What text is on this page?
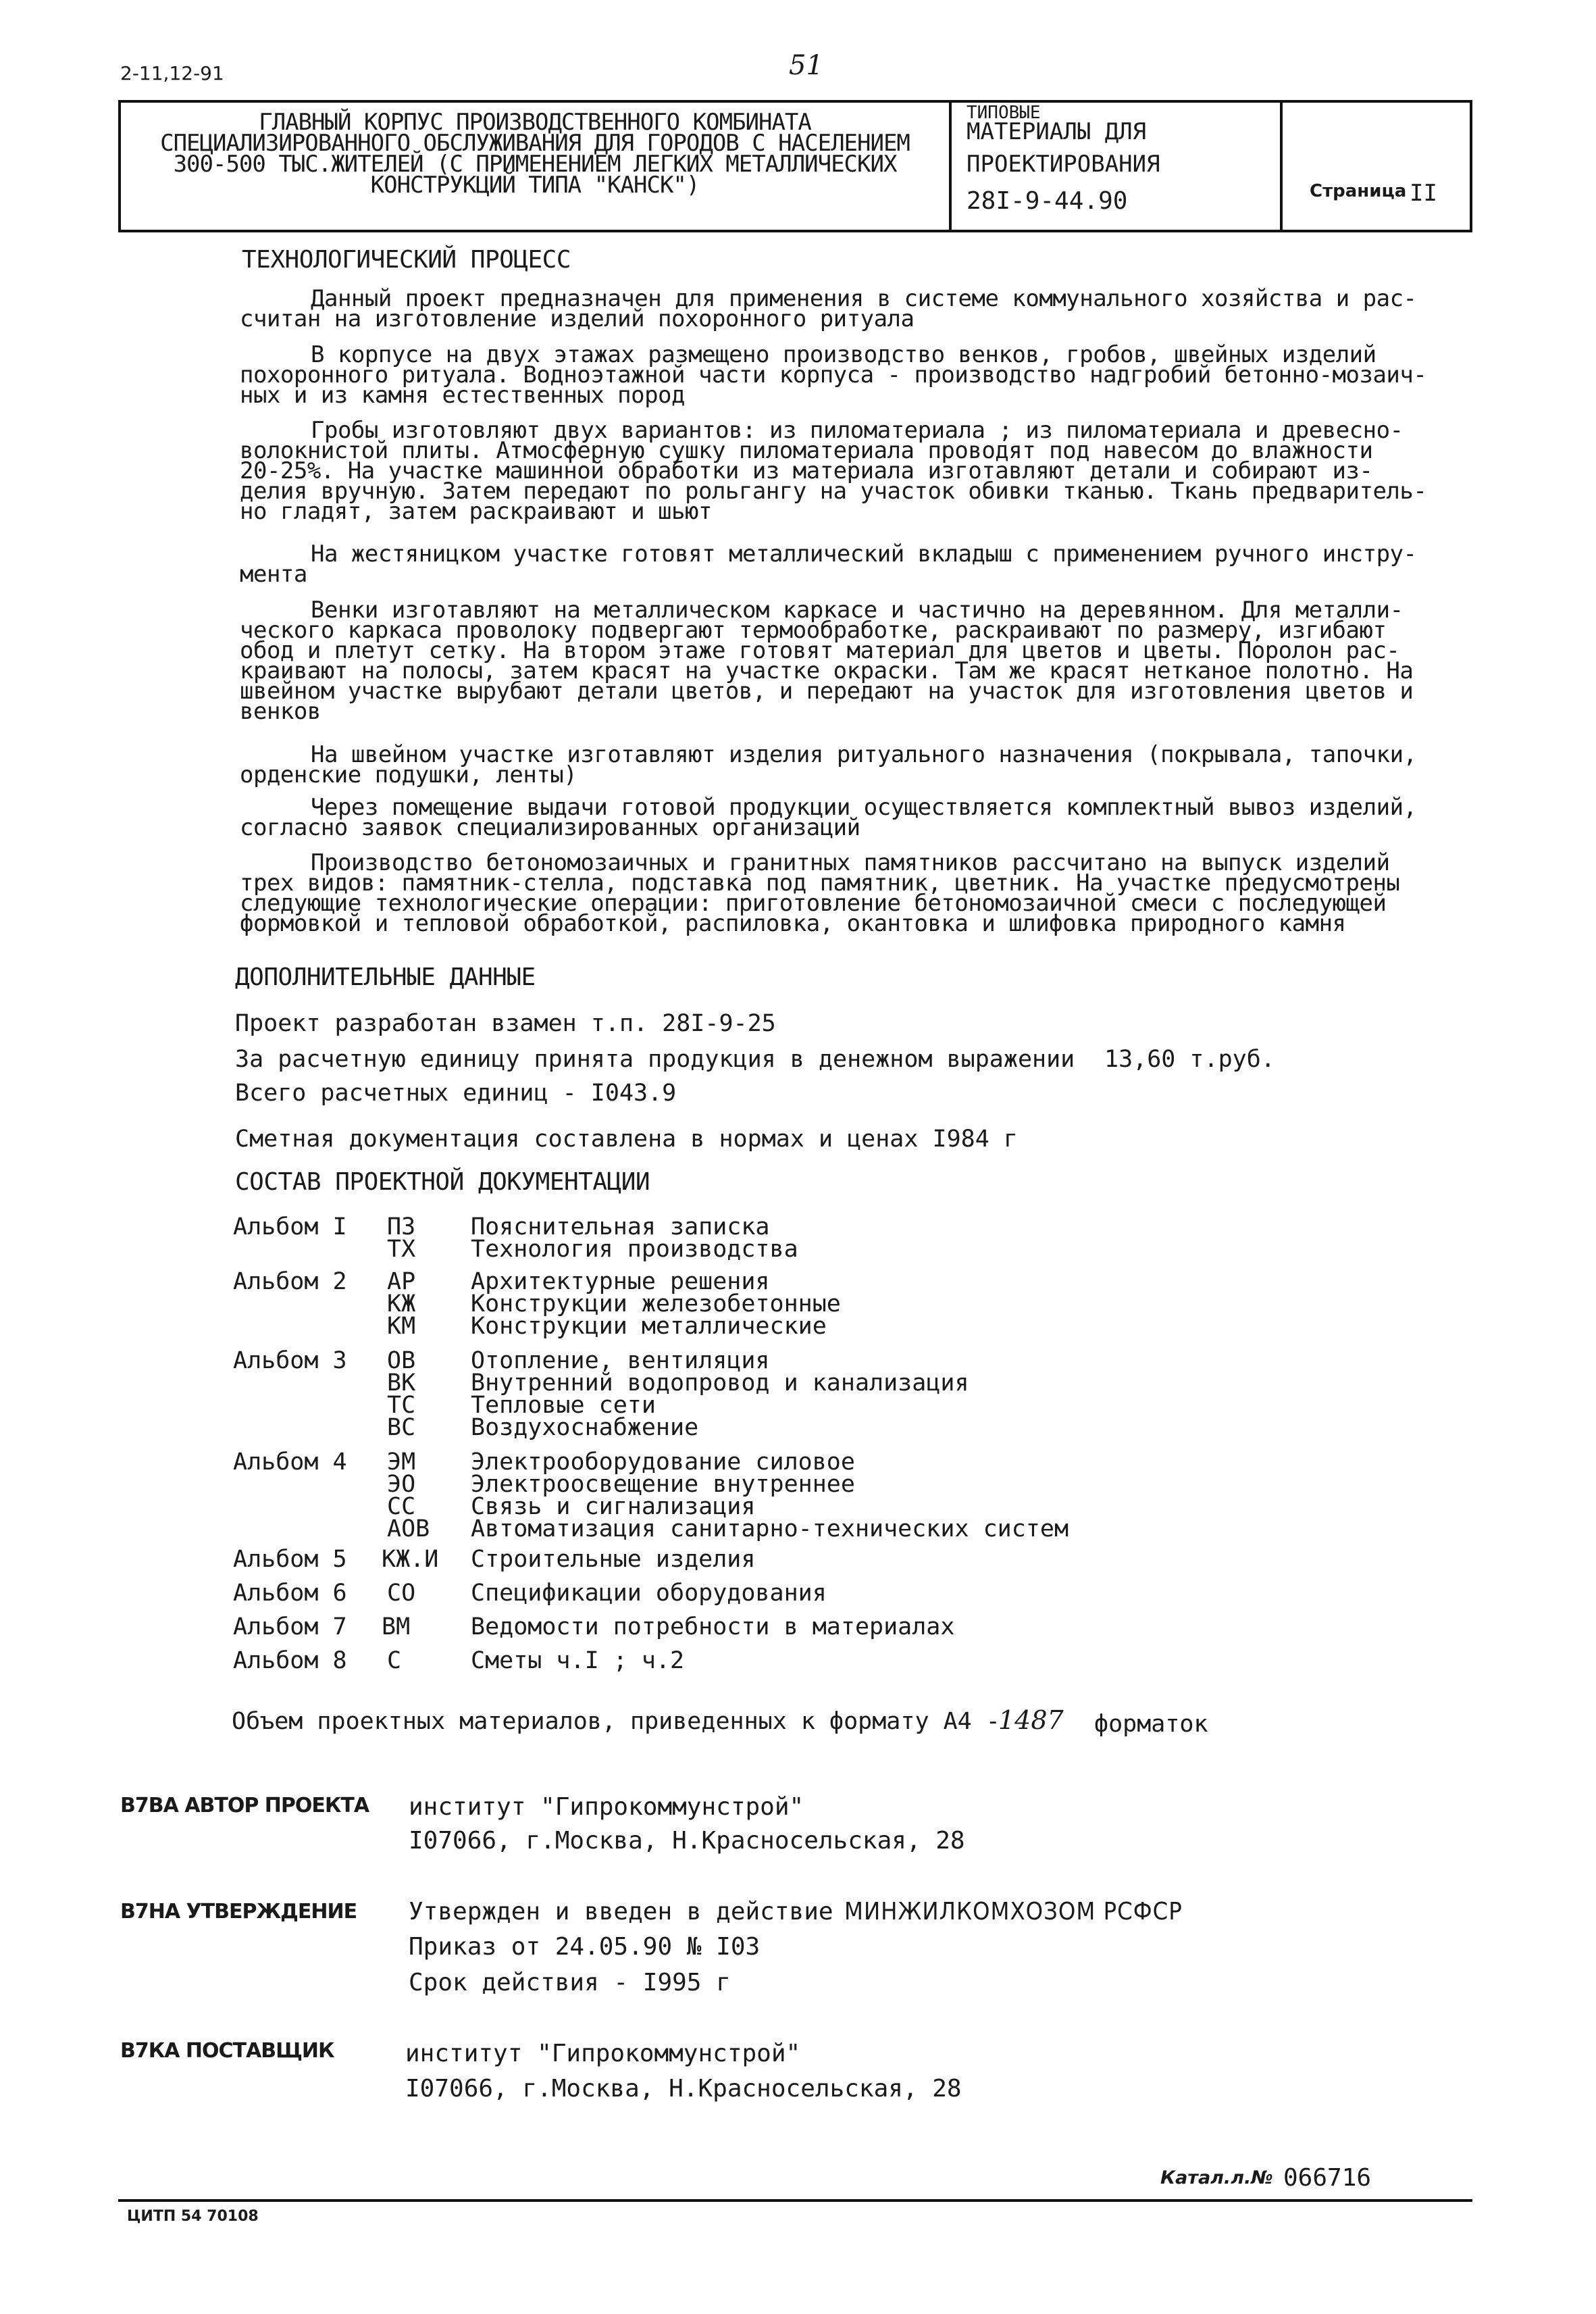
2-11,12-91	51
ГЛАВНЫЙ КОРПУС ПРОИЗВОДСТВЕННОГО КОМБИНАТА
СПЕЦИАЛИЗИРОВАННОГО ОБСЛУЖИВАНИЯ ДЛЯ ГОРОДОВ С НАСЕЛЕНИЕМ
300-500 ТЫС.ЖИТЕЛЕЙ (С ПРИМЕНЕНИЕМ ЛЕГКИХ МЕТАЛЛИЧЕСКИХ
КОНСТРУКЦИЙ ТИПА "КАНСК")
ТИПОВЫЕ
МАТЕРИАЛЫ ДЛЯ
ПРОЕКТИРОВАНИЯ
28I-9-44.90	Страница II
ТЕХНОЛОГИЧЕСКИЙ ПРОЦЕСС
Данный проект предназначен для применения в системе коммунального хозяйства и рас-
считан на изготовление изделий похоронного ритуала
В корпусе на двух этажах размещено производство венков, гробов, швейных изделий
похоронного ритуала. Водноэтажной части корпуса - производство надгробий бетонно-мозаич-
ных и из камня естественных пород
Гробы изготовляют двух вариантов: из пиломатериала ; из пиломатериала и древесно-
волокнистой плиты. Атмосферную сушку пиломатериала проводят под навесом до влажности
20-25%. На участке машинной обработки из материала изготавляют детали и собирают из-
делия вручную. Затем передают по рольгангу на участок обивки тканью. Ткань предваритель-
но гладят, затем раскраивают и шьют
На жестяницком участке готовят металлический вкладыш с применением ручного инстру-
мента
Венки изготавляют на металлическом каркасе и частично на деревянном. Для металли-
ческого каркаса проволоку подвергают термообработке, раскраивают по размеру, изгибают
обод и плетут сетку. На втором этаже готовят материал для цветов и цветы. Поролон рас-
краивают на полосы, затем красят на участке окраски. Там же красят нетканое полотно. На
швейном участке вырубают детали цветов, и передают на участок для изготовления цветов и
венков
На швейном участке изготавляют изделия ритуального назначения (покрывала, тапочки,
орденские подушки, ленты)
Через помещение выдачи готовой продукции осуществляется комплектный вывоз изделий,
согласно заявок специализированных организаций
Производство бетономозаичных и гранитных памятников рассчитано на выпуск изделий
трех видов: памятник-стелла, подставка под памятник, цветник. На участке предусмотрены
следующие технологические операции: приготовление бетономозаичной смеси с последующей
формовкой и тепловой обработкой, распиловка, окантовка и шлифовка природного камня
ДОПОЛНИТЕЛЬНЫЕ ДАННЫЕ
Проект разработан взамен т.п. 28I-9-25
За расчетную единицу принята продукция в денежном выражении 13,60 т.руб.
Всего расчетных единиц - I043.9
Сметная документация составлена в нормах и ценах I984 г
СОСТАВ ПРОЕКТНОЙ ДОКУМЕНТАЦИИ
Альбом I ПЗ Пояснительная записка
ТХ Технология производства
Альбом 2 АР Архитектурные решения
КЖ Конструкции железобетонные
КМ Конструкции металлические
Альбом 3 ОВ Отопление, вентиляция
ВК Внутренний водопровод и канализация
ТС Тепловые сети
ВС Воздухоснабжение
Альбом 4 ЭМ Электрооборудование силовое
ЭО Электроосвещение внутреннее
СС Связь и сигнализация
АОВ Автоматизация санитарно-технических систем
Альбом 5 КЖ.И Строительные изделия
Альбом 6 СО Спецификации оборудования
Альбом 7 ВМ	Ведомости потребности в материалах
Альбом 8 С	Сметы ч.I ; ч.2
Объем проектных материалов, приведенных к формату А4 -
1487 форматок
В7ВА АВТОР ПРОЕКТА институт "Гипрокоммунстрой"
I07066, г.Москва, Н.Красносельская, 28
В7НА УТВЕРЖДЕНИЕ Утвержден и введен в действие МИНЖИЛКОМХОЗОМ РСФСР
Приказ от 24.05.90 № I03
Срок действия - I995 г
В7КА ПОСТАВЩИК	институт "Гипрокоммунстрой"
I07066, г.Москва, Н.Красносельская, 28
Катал.л.№ 066716
ЦИТП 54 70108
